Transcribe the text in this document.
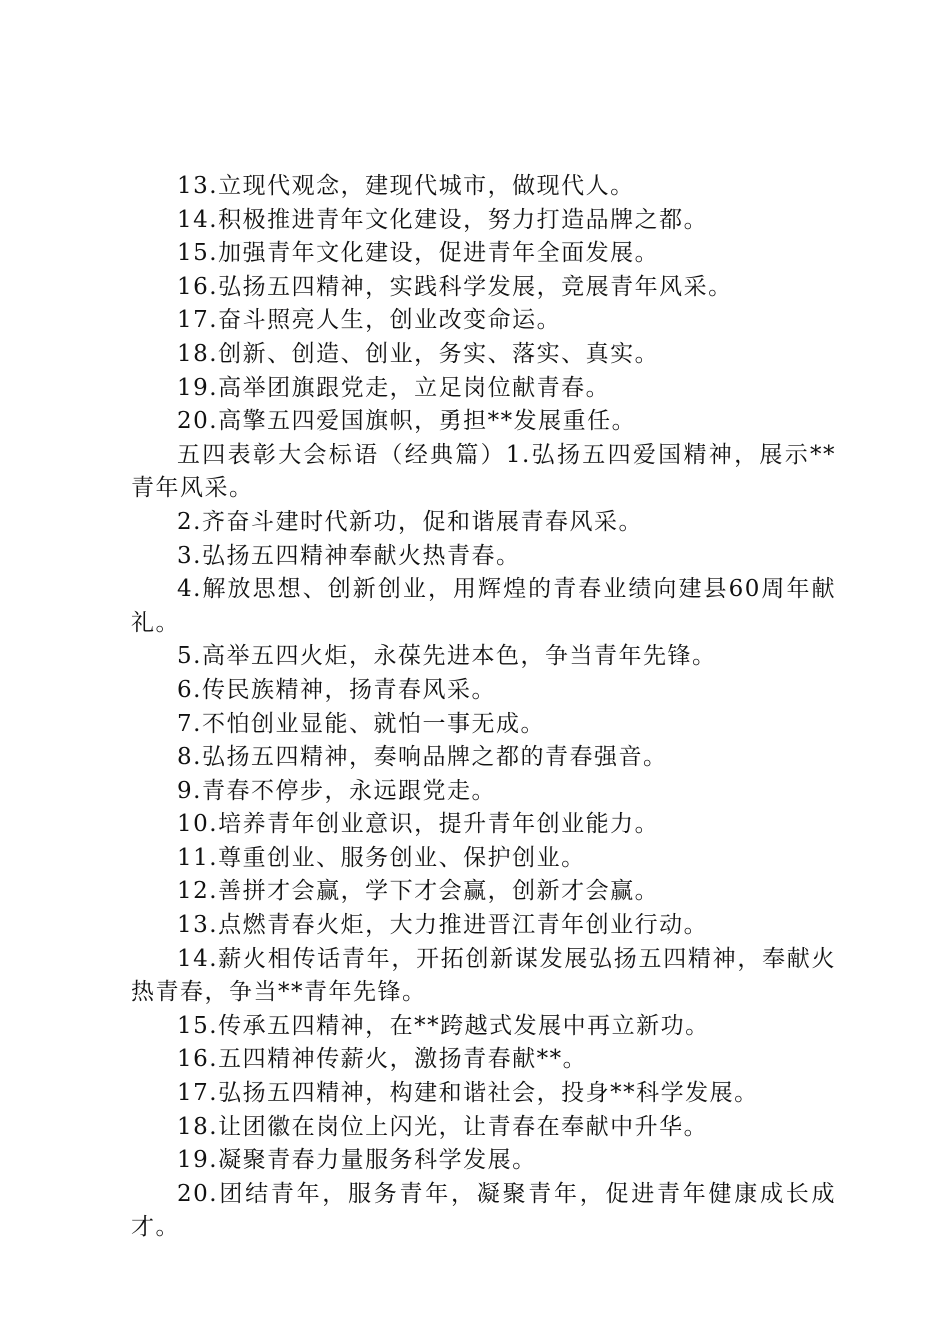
13.立现代观念，建现代城市，做现代人。

14.积极推进青年文化建设，努力打造品牌之都。

15.加强青年文化建设，促进青年全面发展。

16.弘扬五四精神，实践科学发展，竞展青年风采。

17.奋斗照亮人生，创业改变命运。

18.创新、创造、创业，务实、落实、真实。

19.高举团旗跟党走，立足岗位献青春。

20.高擎五四爱国旗帜，勇担**发展重任。

五四表彰大会标语（经典篇）1.弘扬五四爱国精神，展示**青年风采。

2.齐奋斗建时代新功，促和谐展青春风采。

3.弘扬五四精神奉献火热青春。

4.解放思想、创新创业，用辉煌的青春业绩向建县60周年献礼。

5.高举五四火炬，永葆先进本色，争当青年先锋。

6.传民族精神，扬青春风采。

7.不怕创业显能、就怕一事无成。

8.弘扬五四精神，奏响品牌之都的青春强音。

9.青春不停步，永远跟党走。

10.培养青年创业意识，提升青年创业能力。

11.尊重创业、服务创业、保护创业。

12.善拼才会赢，学下才会赢，创新才会赢。

13.点燃青春火炬，大力推进晋江青年创业行动。

14.薪火相传话青年，开拓创新谋发展弘扬五四精神，奉献火热青春，争当**青年先锋。

15.传承五四精神，在**跨越式发展中再立新功。

16.五四精神传薪火，激扬青春献**。

17.弘扬五四精神，构建和谐社会，投身**科学发展。

18.让团徽在岗位上闪光，让青春在奉献中升华。

19.凝聚青春力量服务科学发展。

20.团结青年，服务青年，凝聚青年，促进青年健康成长成才。
